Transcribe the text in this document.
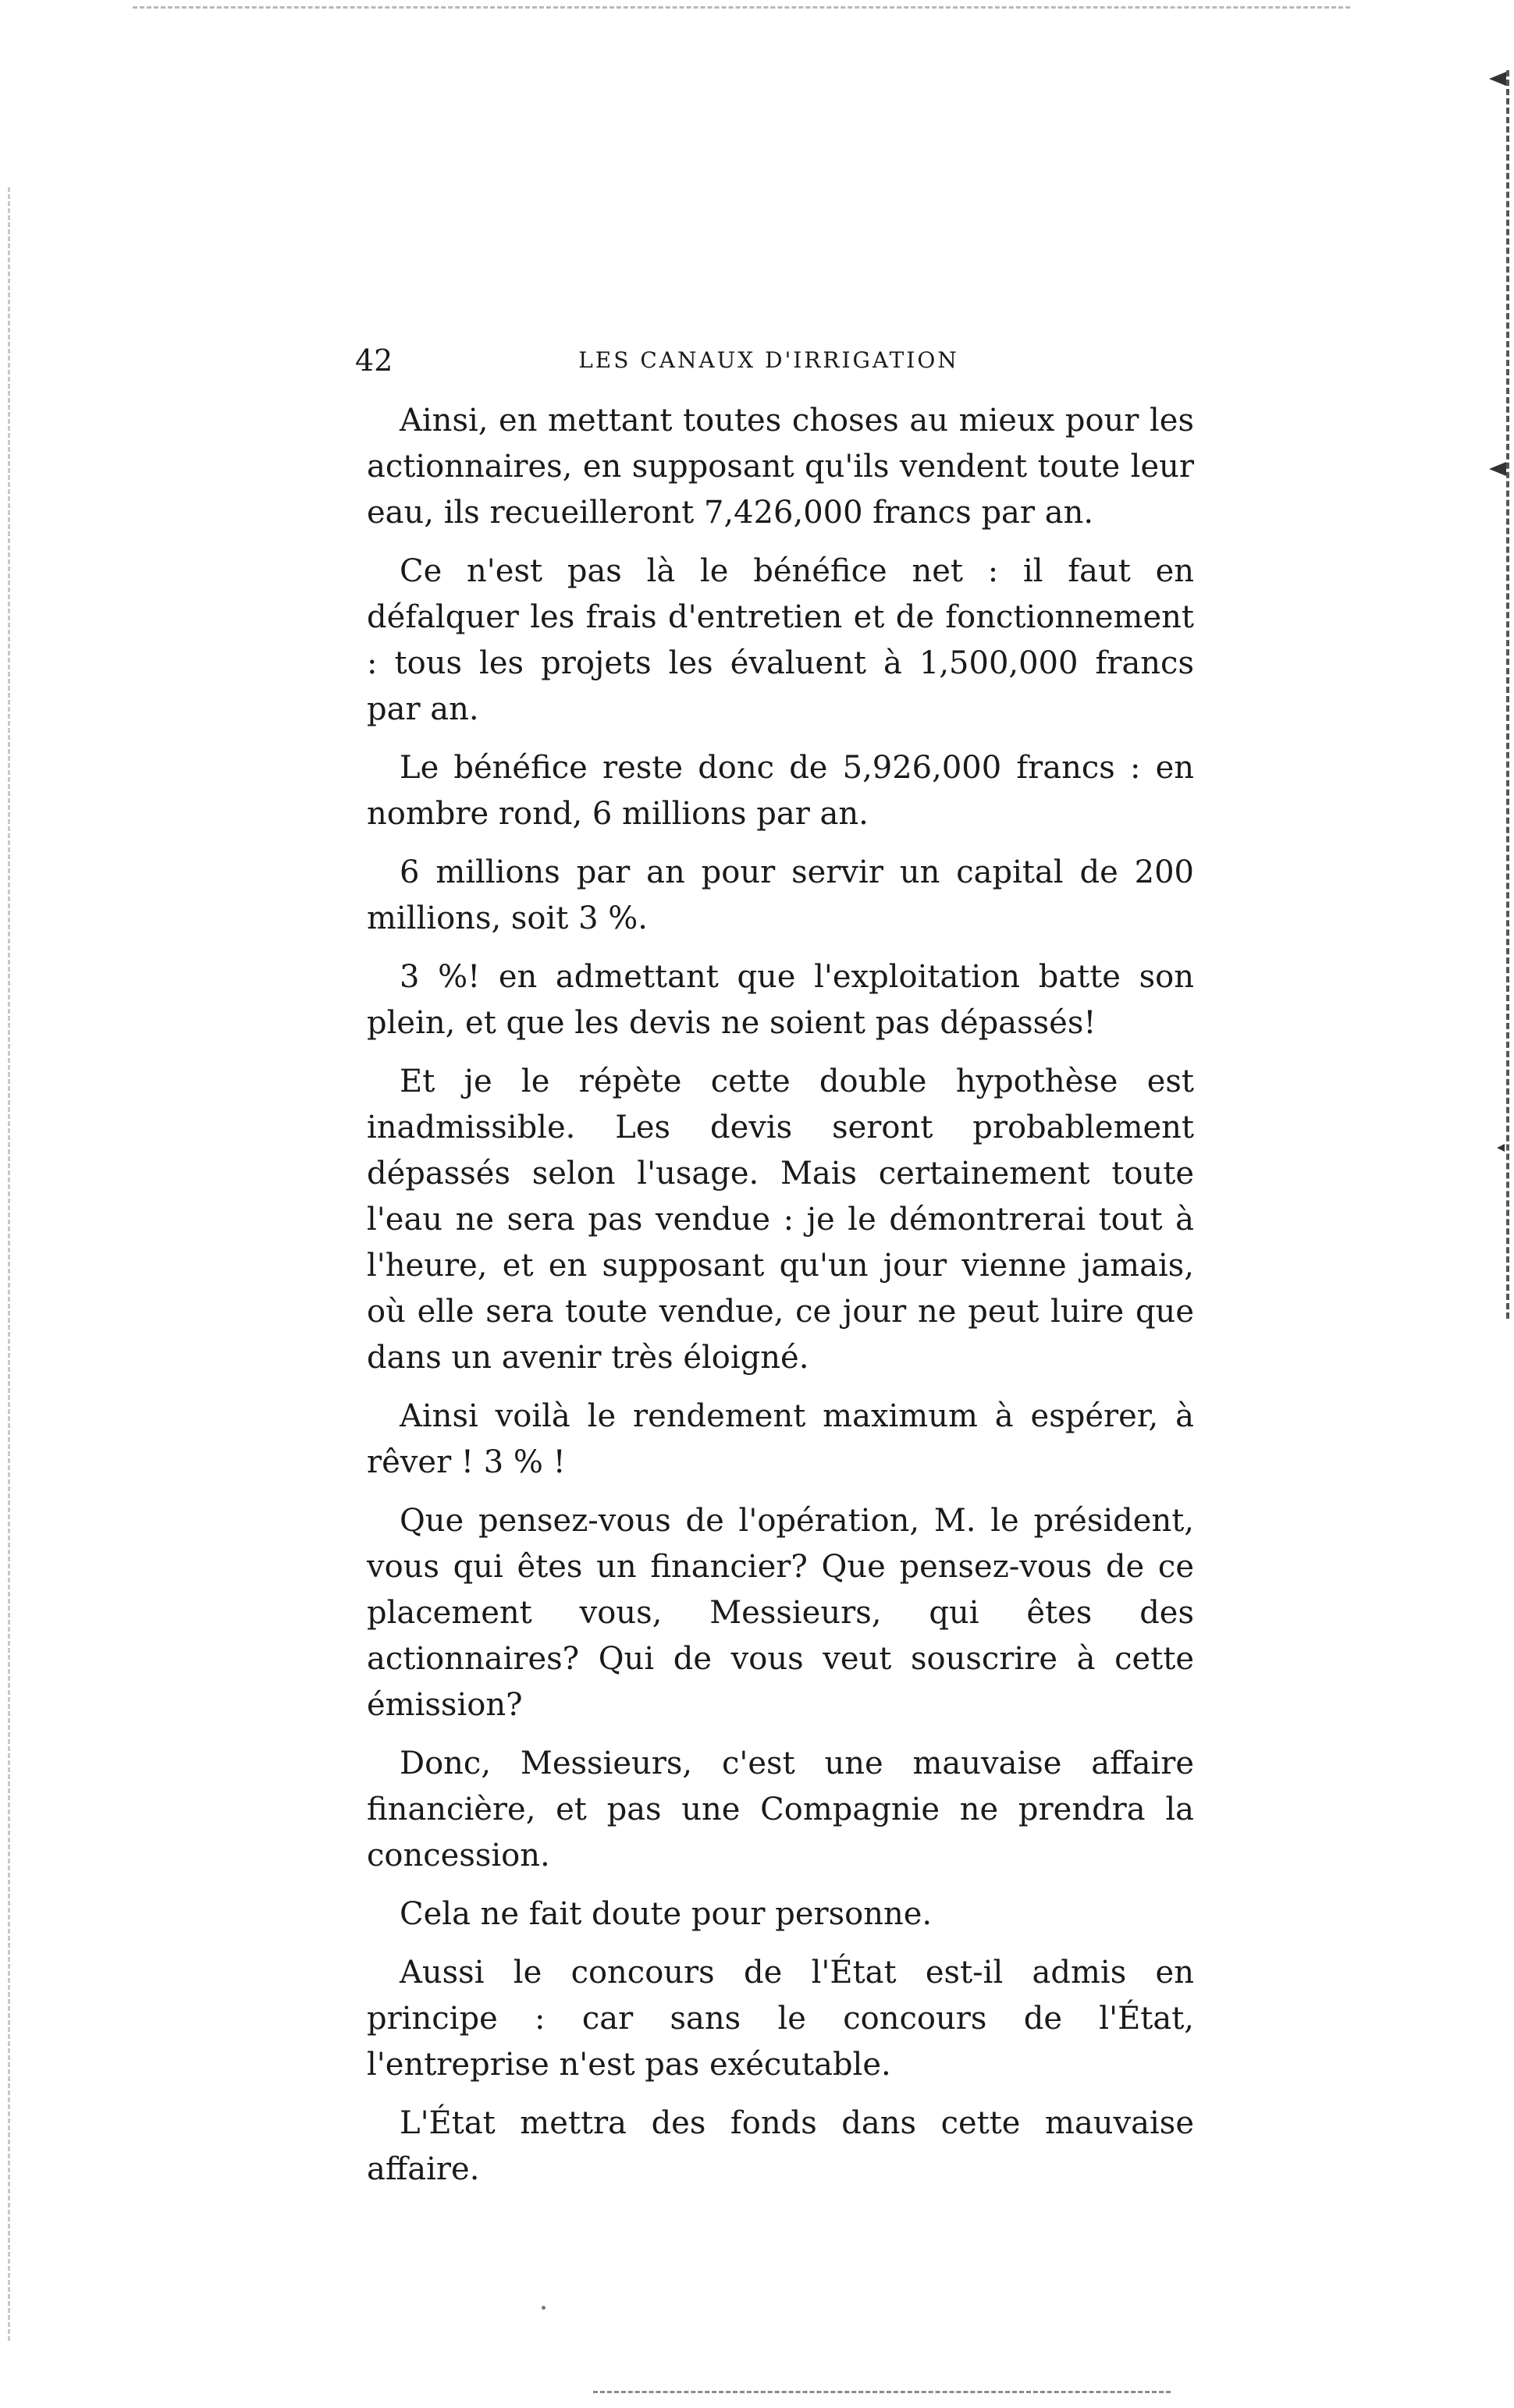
42	LES CANAUX D'IRRIGATION

Ainsi, en mettant toutes choses au mieux pour les actionnaires, en supposant qu'ils vendent toute leur eau, ils recueilleront 7,426,000 francs par an.

Ce n'est pas là le bénéfice net : il faut en défalquer les frais d'entretien et de fonctionnement : tous les projets les évaluent à 1,500,000 francs par an.

Le bénéfice reste donc de 5,926,000 francs : en nombre rond, 6 millions par an.

6 millions par an pour servir un capital de 200 millions, soit 3 %.

3 %! en admettant que l'exploitation batte son plein, et que les devis ne soient pas dépassés!

Et je le répète cette double hypothèse est inadmissible. Les devis seront probablement dépassés selon l'usage. Mais certainement toute l'eau ne sera pas vendue : je le démontrerai tout à l'heure, et en supposant qu'un jour vienne jamais, où elle sera toute vendue, ce jour ne peut luire que dans un avenir très éloigné.

Ainsi voilà le rendement maximum à espérer, à rêver ! 3 % !

Que pensez-vous de l'opération, M. le président, vous qui êtes un financier? Que pensez-vous de ce placement vous, Messieurs, qui êtes des actionnaires? Qui de vous veut souscrire à cette émission?

Donc, Messieurs, c'est une mauvaise affaire financière, et pas une Compagnie ne prendra la concession.

Cela ne fait doute pour personne.

Aussi le concours de l'État est-il admis en principe : car sans le concours de l'État, l'entreprise n'est pas exécutable.

L'État mettra des fonds dans cette mauvaise affaire.
